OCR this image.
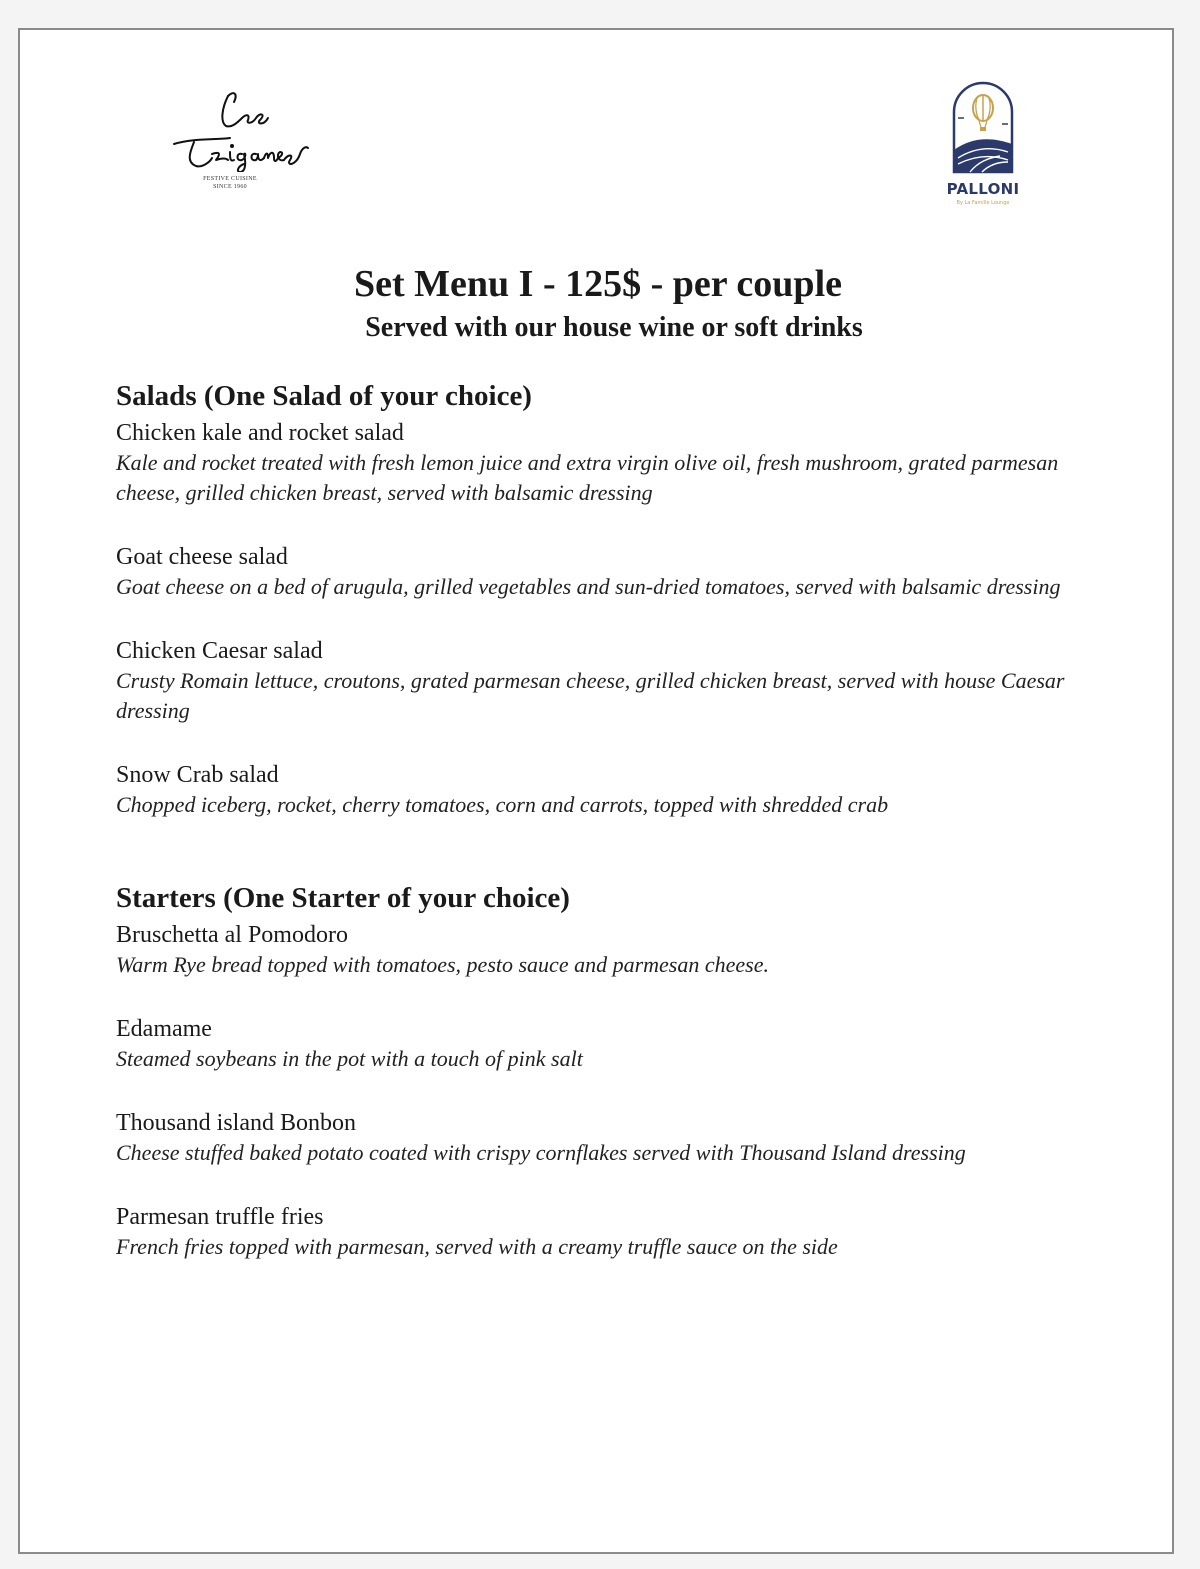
FESTIVE CUISINE
SINCE 1960	PALLONI
By La Famille Lounge
Set Menu I - 125$ - per couple
Served with our house wine or soft drinks
Salads (One Salad of your choice)

Chicken kale and rocket salad

Kale and rocket treated with fresh lemon juice and extra virgin olive oil, fresh mushroom, grated parmesan cheese, grilled chicken breast, served with balsamic dressing

Goat cheese salad

Goat cheese on a bed of arugula, grilled vegetables and sun-dried tomatoes, served with balsamic dressing

Chicken Caesar salad

Crusty Romain lettuce, croutons, grated parmesan cheese, grilled chicken breast, served with house Caesar dressing

Snow Crab salad

Chopped iceberg, rocket, cherry tomatoes, corn and carrots, topped with shredded crab

Starters (One Starter of your choice)

Bruschetta al Pomodoro

Warm Rye bread topped with tomatoes, pesto sauce and parmesan cheese.

Edamame

Steamed soybeans in the pot with a touch of pink salt

Thousand island Bonbon

Cheese stuffed baked potato coated with crispy cornflakes served with Thousand Island dressing

Parmesan truffle fries

French fries topped with parmesan, served with a creamy truffle sauce on the side
